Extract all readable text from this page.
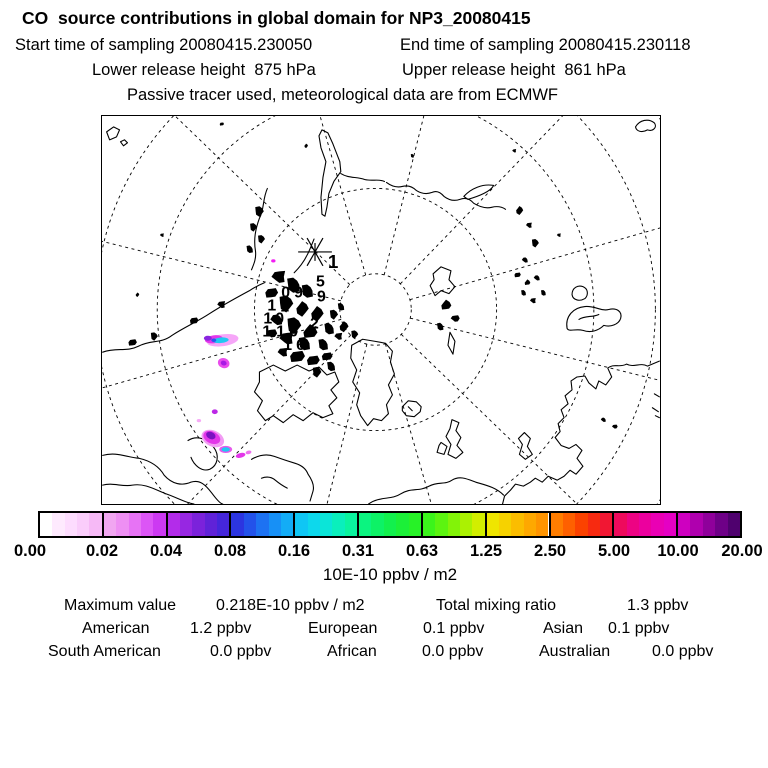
CO  source contributions in global domain for NP3_20080415
Start time of sampling 20080415.230050	End time of sampling 20080415.230118
Lower release height  875 hPa	Upper release height  861 hPa
Passive tracer used, meteorological data are from ECMWF
1
5
9
0 9
1 1
1 0 2
1 1 0
1 6
0.00	0.02	0.04	0.08	0.16	0.31	0.63	1.25	2.50	5.00	10.00	20.00
10E-10 ppbv / m2
Maximum value 0.218E-10 ppbv / m2	Total mixing ratio	1.3 ppbv
American	1.2 ppbv	European	0.1 ppbv	Asian 0.1 ppbv
South American	0.0 ppbv	African	0.0 ppbv	Australian	0.0 ppbv
